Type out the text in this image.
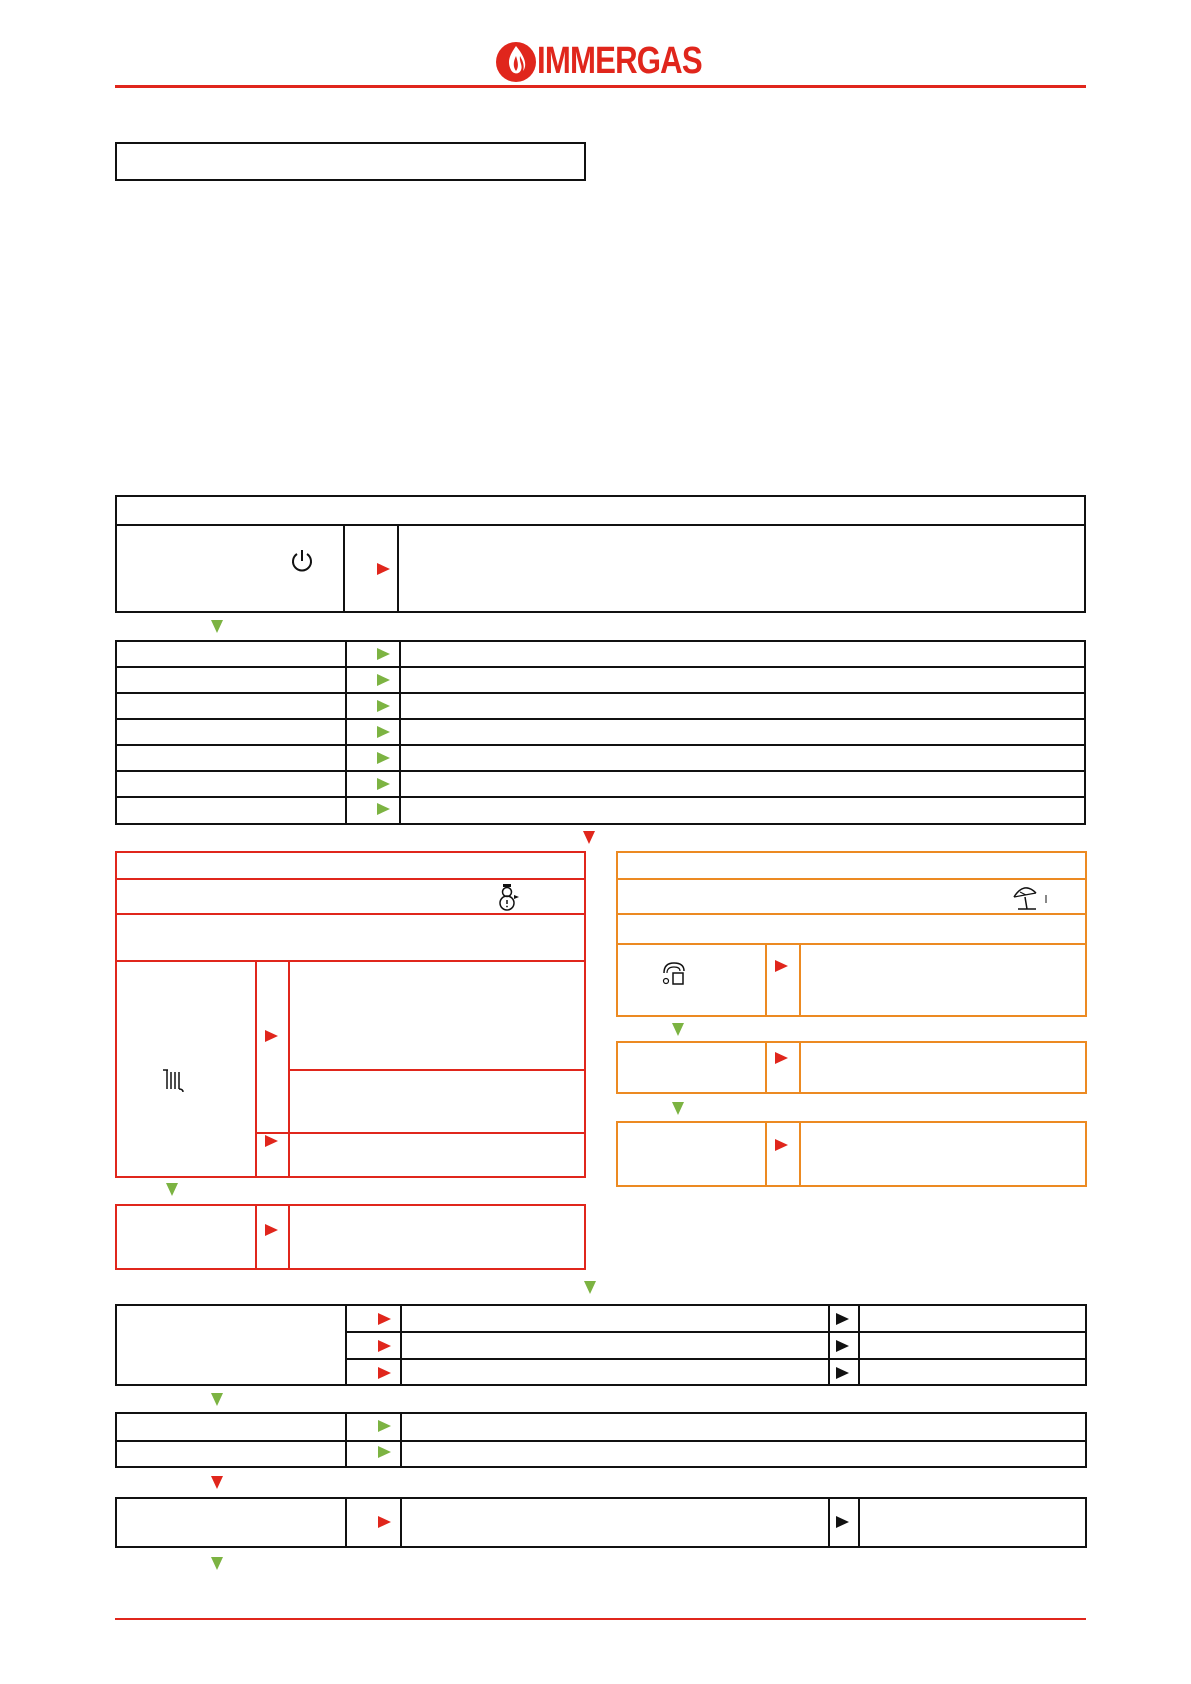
IMMERGAS
